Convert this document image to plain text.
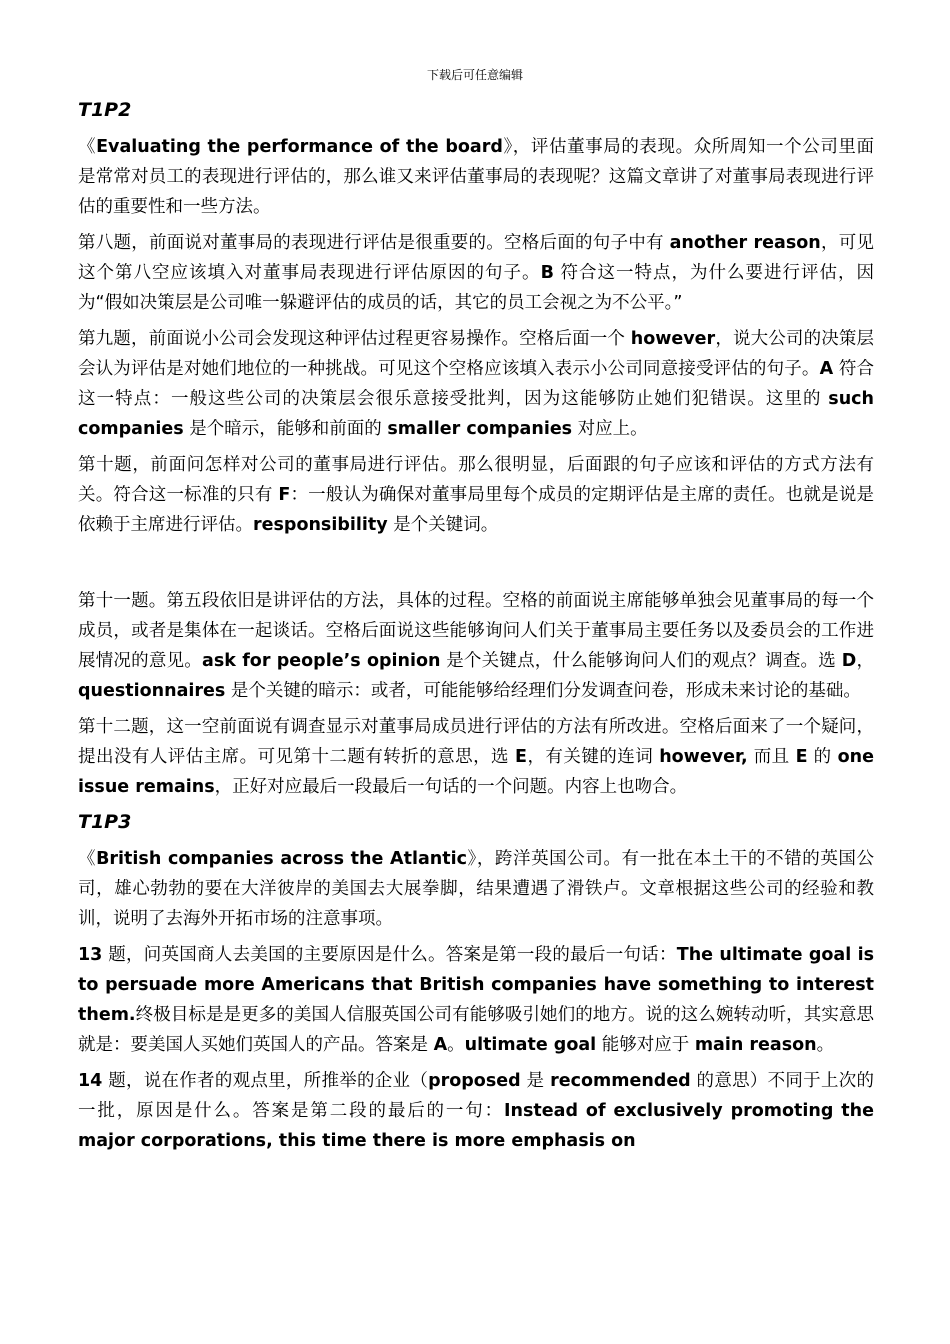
下载后可任意编辑
T1P2

《Evaluating the performance of the board》，评估董事局的表现。众所周知一个公司里面是常常对员工的表现进行评估的，那么谁又来评估董事局的表现呢？这篇文章讲了对董事局表现进行评估的重要性和一些方法。

第八题，前面说对董事局的表现进行评估是很重要的。空格后面的句子中有 another reason，可见这个第八空应该填入对董事局表现进行评估原因的句子。B 符合这一特点，为什么要进行评估，因为“假如决策层是公司唯一躲避评估的成员的话，其它的员工会视之为不公平。”

第九题，前面说小公司会发现这种评估过程更容易操作。空格后面一个 however，说大公司的决策层会认为评估是对她们地位的一种挑战。可见这个空格应该填入表示小公司同意接受评估的句子。A 符合这一特点：一般这些公司的决策层会很乐意接受批判，因为这能够防止她们犯错误。这里的 such companies 是个暗示，能够和前面的 smaller companies 对应上。

第十题，前面问怎样对公司的董事局进行评估。那么很明显，后面跟的句子应该和评估的方式方法有关。符合这一标准的只有 F：一般认为确保对董事局里每个成员的定期评估是主席的责任。也就是说是依赖于主席进行评估。responsibility 是个关键词。

第十一题。第五段依旧是讲评估的方法，具体的过程。空格的前面说主席能够单独会见董事局的每一个成员，或者是集体在一起谈话。空格后面说这些能够询问人们关于董事局主要任务以及委员会的工作进展情况的意见。ask for people’s opinion 是个关键点，什么能够询问人们的观点？调查。选 D，questionnaires 是个关键的暗示：或者，可能能够给经理们分发调查问卷，形成未来讨论的基础。

第十二题，这一空前面说有调查显示对董事局成员进行评估的方法有所改进。空格后面来了一个疑问，提出没有人评估主席。可见第十二题有转折的意思，选 E，有关键的连词 however, 而且 E 的 one issue remains，正好对应最后一段最后一句话的一个问题。内容上也吻合。

T1P3

《British companies across the Atlantic》，跨洋英国公司。有一批在本土干的不错的英国公司，雄心勃勃的要在大洋彼岸的美国去大展拳脚，结果遭遇了滑铁卢。文章根据这些公司的经验和教训，说明了去海外开拓市场的注意事项。

13 题，问英国商人去美国的主要原因是什么。答案是第一段的最后一句话：The ultimate goal is to persuade more Americans that British companies have something to interest them.终极目标是是更多的美国人信服英国公司有能够吸引她们的地方。说的这么婉转动听，其实意思就是：要美国人买她们英国人的产品。答案是 A。ultimate goal 能够对应于 main reason。

14 题，说在作者的观点里，所推举的企业（proposed 是 recommended 的意思）不同于上次的一批，原因是什么。答案是第二段的最后的一句：Instead of exclusively promoting the major corporations, this time there is more emphasis on
